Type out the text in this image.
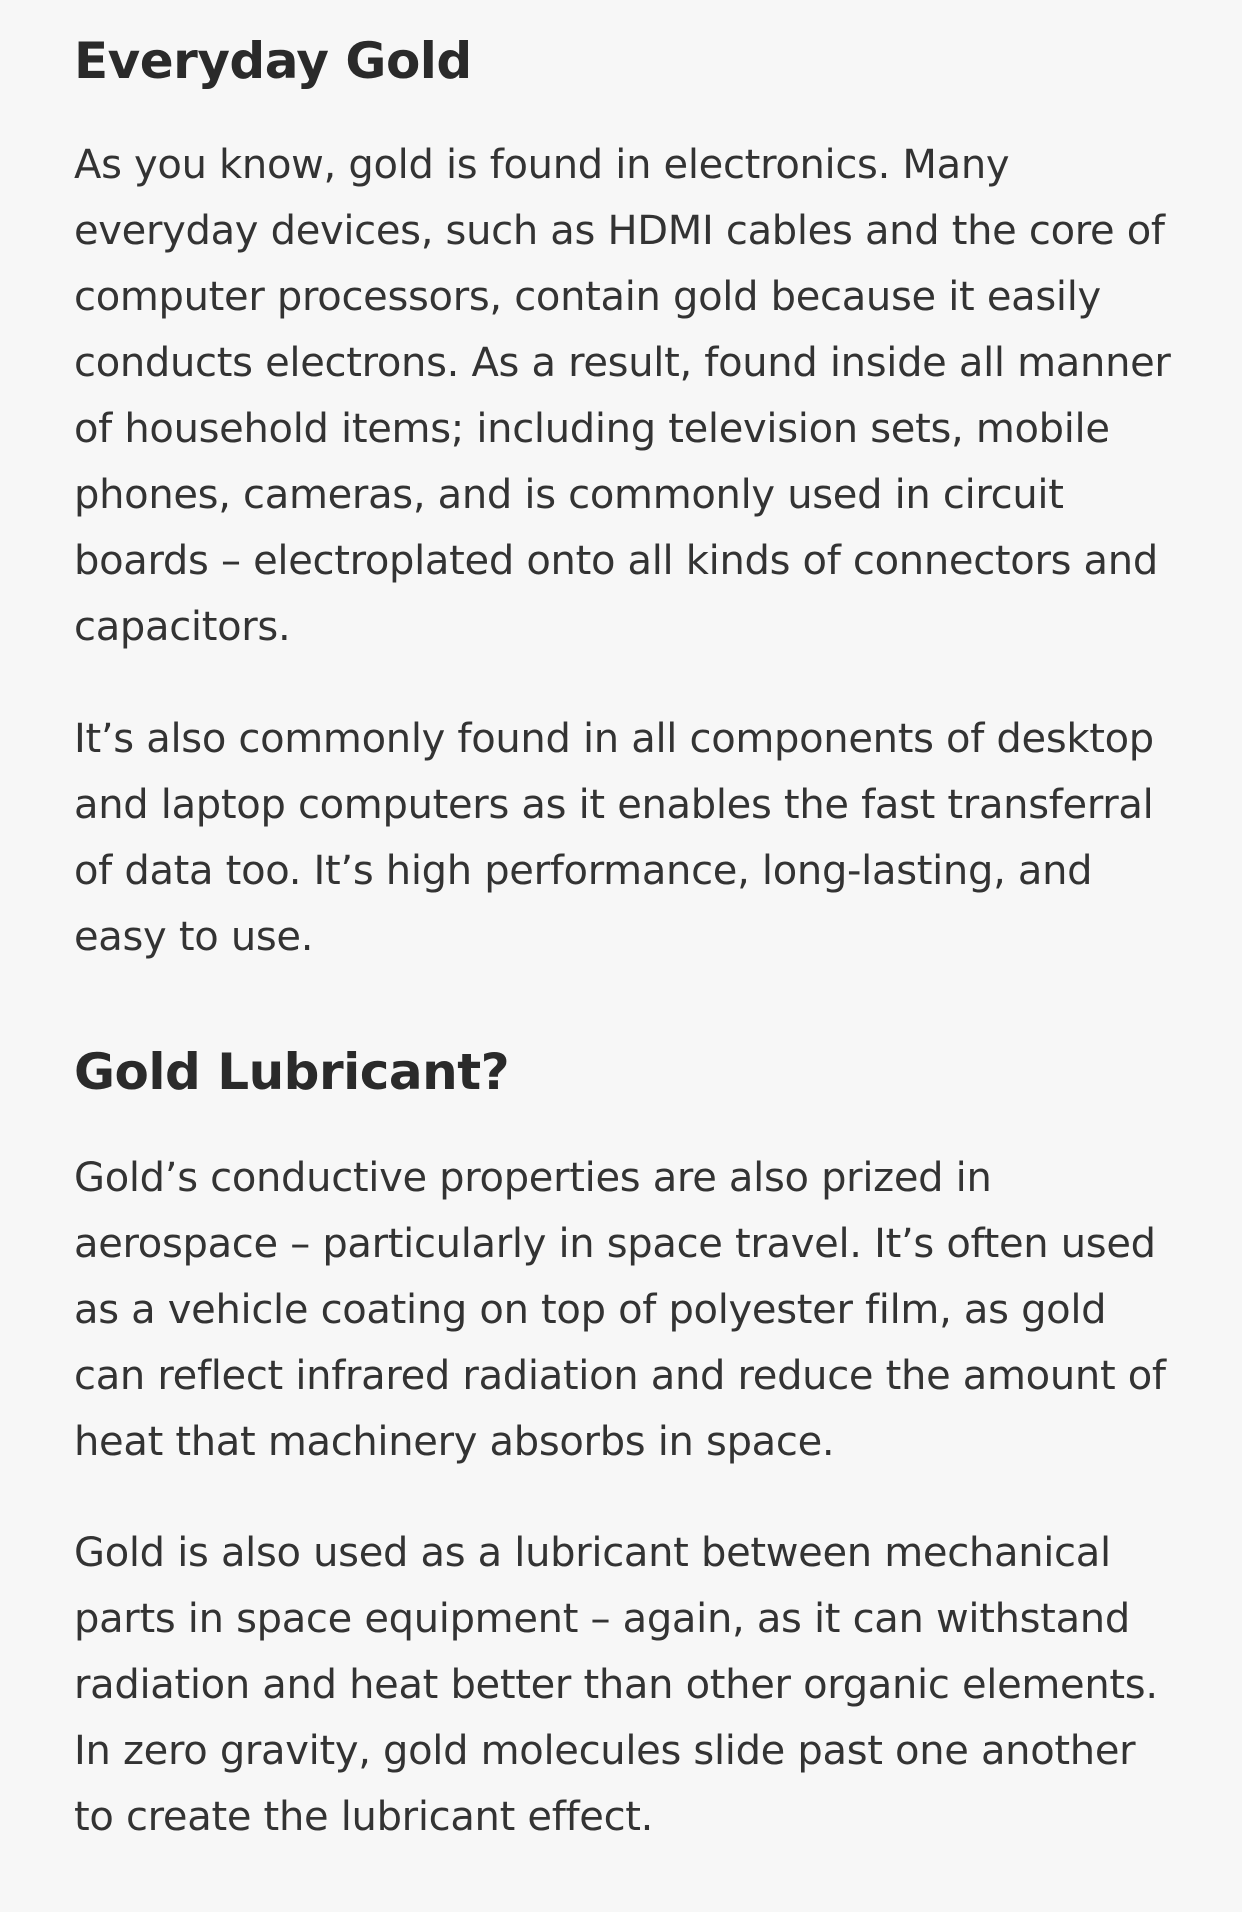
Everyday Gold

As you know, gold is found in electronics. Many everyday devices, such as HDMI cables and the core of computer processors, contain gold because it easily conducts electrons. As a result, found inside all manner of household items; including television sets, mobile phones, cameras, and is commonly used in circuit boards – electroplated onto all kinds of connectors and capacitors.

It’s also commonly found in all components of desktop and laptop computers as it enables the fast transferral of data too. It’s high performance, long-lasting, and easy to use.

Gold Lubricant?

Gold’s conductive properties are also prized in aerospace – particularly in space travel. It’s often used as a vehicle coating on top of polyester film, as gold can reflect infrared radiation and reduce the amount of heat that machinery absorbs in space.

Gold is also used as a lubricant between mechanical parts in space equipment – again, as it can withstand radiation and heat better than other organic elements. In zero gravity, gold molecules slide past one another to create the lubricant effect.
